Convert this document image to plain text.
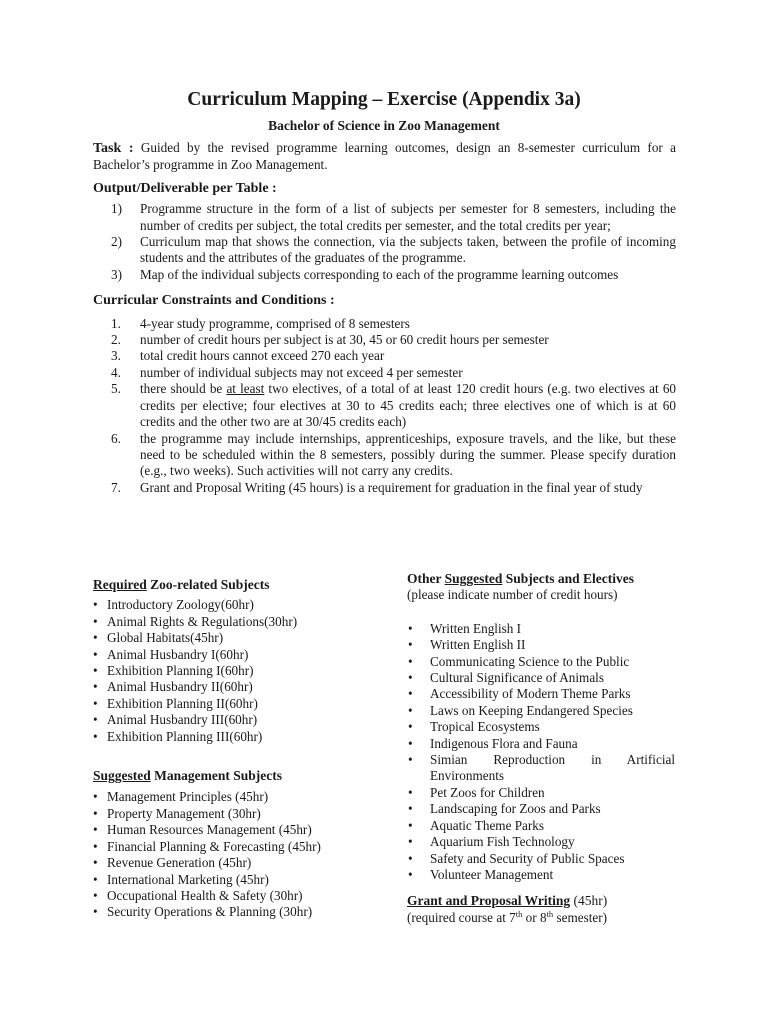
Curriculum Mapping – Exercise (Appendix 3a)
Bachelor of Science in Zoo Management

Task : Guided by the revised programme learning outcomes, design an 8-semester curriculum for a Bachelor’s programme in Zoo Management.

Output/Deliverable per Table :
1) Programme structure in the form of a list of subjects per semester for 8 semesters, including the number of credits per subject, the total credits per semester, and the total credits per year;
2) Curriculum map that shows the connection, via the subjects taken, between the profile of incoming students and the attributes of the graduates of the programme.
3) Map of the individual subjects corresponding to each of the programme learning outcomes
Curricular Constraints and Conditions :
1. 4-year study programme, comprised of 8 semesters
2. number of credit hours per subject is at 30, 45 or 60 credit hours per semester
3. total credit hours cannot exceed 270 each year
4. number of individual subjects may not exceed 4 per semester
5. there should be at least two electives, of a total of at least 120 credit hours (e.g. two electives at 60 credits per elective; four electives at 30 to 45 credits each; three electives one of which is at 60 credits and the other two are at 30/45 credits each)
6. the programme may include internships, apprenticeships, exposure travels, and the like, but these need to be scheduled within the 8 semesters, possibly during the summer. Please specify duration (e.g., two weeks). Such activities will not carry any credits.
7. Grant and Proposal Writing (45 hours) is a requirement for graduation in the final year of study
Required Zoo-related Subjects
• Introductory Zoology(60hr)
• Animal Rights & Regulations(30hr)
• Global Habitats(45hr)
• Animal Husbandry I(60hr)
• Exhibition Planning I(60hr)
• Animal Husbandry II(60hr)
• Exhibition Planning II(60hr)
• Animal Husbandry III(60hr)
• Exhibition Planning III(60hr)
Suggested Management Subjects
• Management Principles (45hr)
• Property Management (30hr)
• Human Resources Management (45hr)
• Financial Planning & Forecasting (45hr)
• Revenue Generation (45hr)
• International Marketing (45hr)
• Occupational Health & Safety (30hr)
• Security Operations & Planning (30hr)
Other Suggested Subjects and Electives
(please indicate number of credit hours)
• Written English I
• Written English II
• Communicating Science to the Public
• Cultural Significance of Animals
• Accessibility of Modern Theme Parks
• Laws on Keeping Endangered Species
• Tropical Ecosystems
• Indigenous Flora and Fauna
• Simian Reproduction in Artificial Environments
• Pet Zoos for Children
• Landscaping for Zoos and Parks
• Aquatic Theme Parks
• Aquarium Fish Technology
• Safety and Security of Public Spaces
• Volunteer Management
Grant and Proposal Writing (45hr)
(required course at 7th or 8th semester)
